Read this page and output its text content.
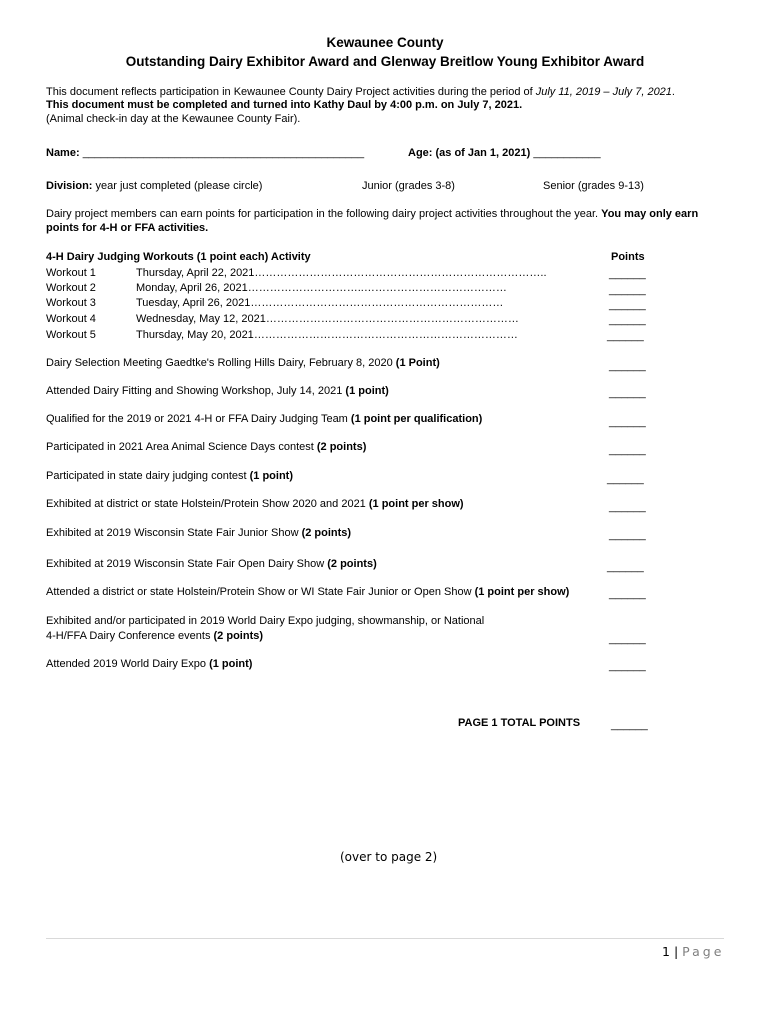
Kewaunee County
Outstanding Dairy Exhibitor Award and Glenway Breitlow Young Exhibitor Award
This document reflects participation in Kewaunee County Dairy Project activities during the period of July 11, 2019 – July 7, 2021.
This document must be completed and turned into Kathy Daul by 4:00 p.m. on July 7, 2021.
(Animal check-in day at the Kewaunee County Fair).
Name: ______________________________________________	Age: (as of Jan 1, 2021) ___________
Division: year just completed (please circle)	Junior (grades 3-8)	Senior (grades 9-13)
Dairy project members can earn points for participation in the following dairy project activities throughout the year. You may only earn
points for 4-H or FFA activities.
4-H Dairy Judging Workouts (1 point each) Activity	Points
Workout 1	Thursday, April 22, 2021……………………………………………………………………..	______
Workout 2	Monday, April 26, 2021…………………………..…………………………………	______
Workout 3	Tuesday, April 26, 2021……………………………………………………………	______
Workout 4	Wednesday, May 12, 2021……………………………………………………………	______
Workout 5	Thursday, May 20, 2021………………………………………………………………	______
Dairy Selection Meeting Gaedtke's Rolling Hills Dairy, February 8, 2020 (1 Point)	______
Attended Dairy Fitting and Showing Workshop, July 14, 2021 (1 point)	______
Qualified for the 2019 or 2021 4-H or FFA Dairy Judging Team (1 point per qualification)	______
Participated in 2021 Area Animal Science Days contest (2 points)	______
Participated in state dairy judging contest (1 point)	______
Exhibited at district or state Holstein/Protein Show 2020 and 2021 (1 point per show)	______
Exhibited at 2019 Wisconsin State Fair Junior Show (2 points)	______
Exhibited at 2019 Wisconsin State Fair Open Dairy Show (2 points)	______
Attended a district or state Holstein/Protein Show or WI State Fair Junior or Open Show (1 point per show)	______
Exhibited and/or participated in 2019 World Dairy Expo judging, showmanship, or National
4-H/FFA Dairy Conference events (2 points)	______
Attended 2019 World Dairy Expo (1 point)	______
PAGE 1 TOTAL POINTS	______
(over to page 2)
1 | Page
